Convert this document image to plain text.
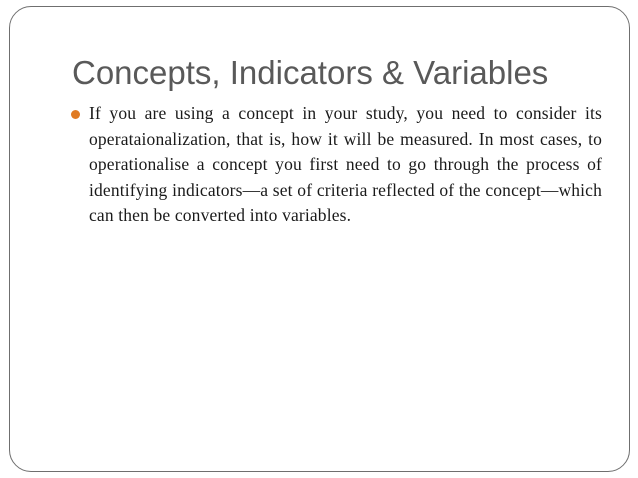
Concepts, Indicators & Variables
If you are using a concept in your study, you need to consider its operataionalization, that is, how it will be measured. In most cases, to operationalise a concept you first need to go through the process of identifying indicators—a set of criteria reflected of the concept—which can then be converted into variables.
